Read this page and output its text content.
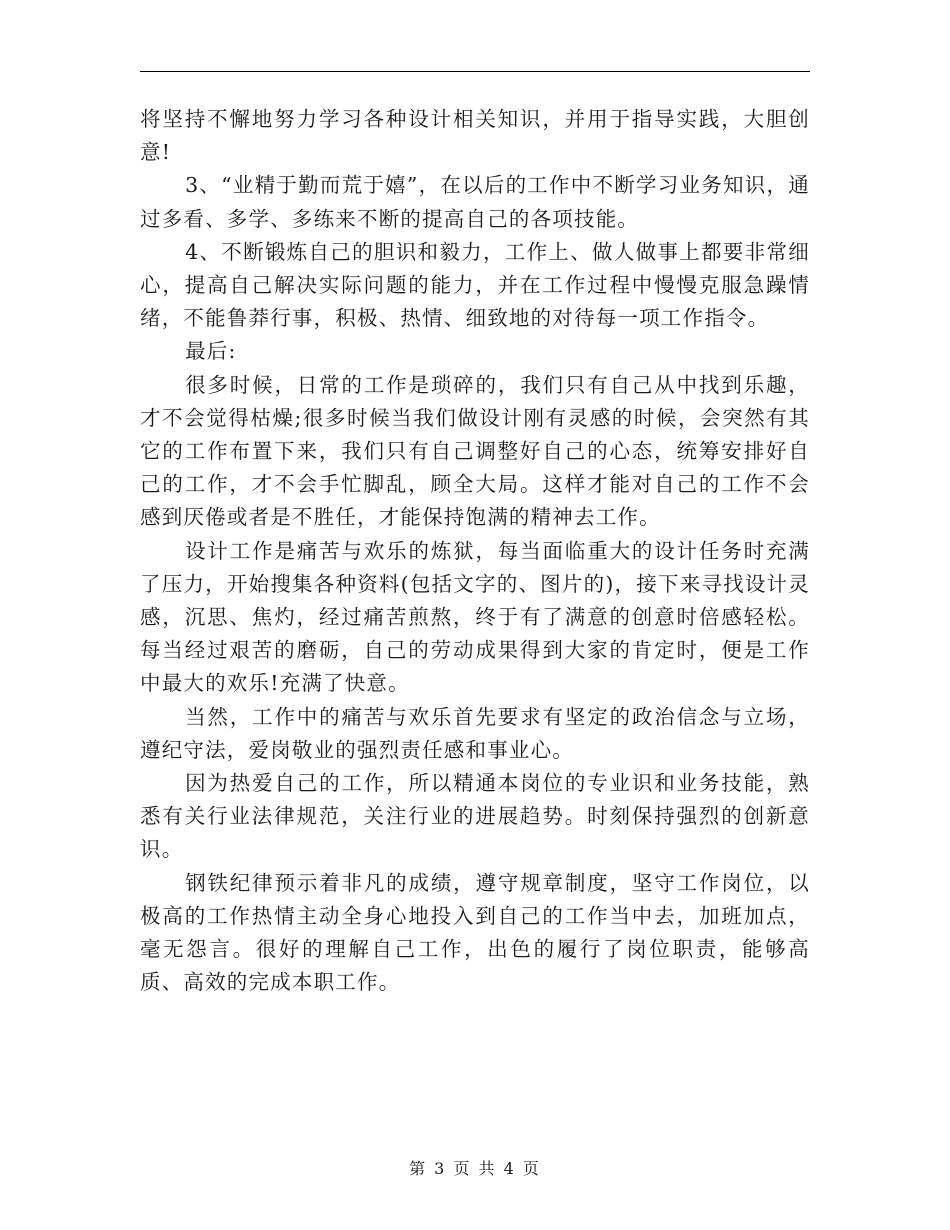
将坚持不懈地努力学习各种设计相关知识，并用于指导实践，大胆创意!

3、“业精于勤而荒于嬉”，在以后的工作中不断学习业务知识，通过多看、多学、多练来不断的提高自己的各项技能。

4、不断锻炼自己的胆识和毅力，工作上、做人做事上都要非常细心，提高自己解决实际问题的能力，并在工作过程中慢慢克服急躁情绪，不能鲁莽行事，积极、热情、细致地的对待每一项工作指令。

最后:

很多时候，日常的工作是琐碎的，我们只有自己从中找到乐趣，才不会觉得枯燥;很多时候当我们做设计刚有灵感的时候，会突然有其它的工作布置下来，我们只有自己调整好自己的心态，统筹安排好自己的工作，才不会手忙脚乱，顾全大局。这样才能对自己的工作不会感到厌倦或者是不胜任，才能保持饱满的精神去工作。

设计工作是痛苦与欢乐的炼狱，每当面临重大的设计任务时充满了压力，开始搜集各种资料(包括文字的、图片的)，接下来寻找设计灵感，沉思、焦灼，经过痛苦煎熬，终于有了满意的创意时倍感轻松。每当经过艰苦的磨砺，自己的劳动成果得到大家的肯定时，便是工作中最大的欢乐!充满了快意。

当然，工作中的痛苦与欢乐首先要求有坚定的政治信念与立场，遵纪守法，爱岗敬业的强烈责任感和事业心。

因为热爱自己的工作，所以精通本岗位的专业识和业务技能，熟悉有关行业法律规范，关注行业的进展趋势。时刻保持强烈的创新意识。

钢铁纪律预示着非凡的成绩，遵守规章制度，坚守工作岗位，以极高的工作热情主动全身心地投入到自己的工作当中去，加班加点，毫无怨言。很好的理解自己工作，出色的履行了岗位职责，能够高质、高效的完成本职工作。

第 3 页 共 4 页
